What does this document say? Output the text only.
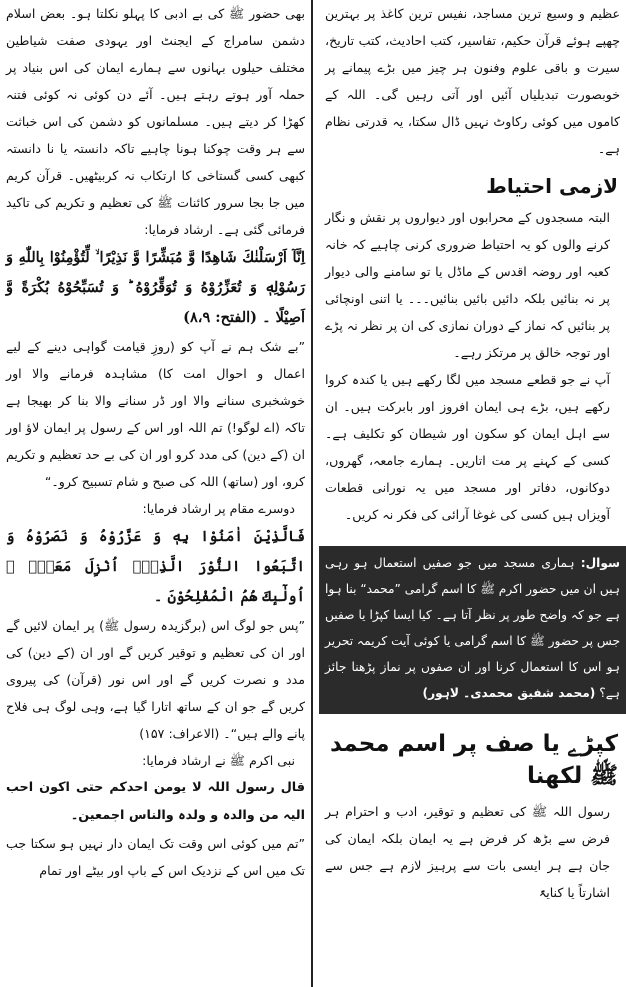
عظیم و وسیع ترین مساجد، نفیس ترین کاغذ پر بہترین چھپے ہوئے قرآن حکیم، تفاسیر، کتب احادیث، کتب تاریخ، سیرت و باقی علوم وفنون ہر چیز میں بڑے پیمانے پر خوبصورت تبدیلیاں آئیں اور آتی رہیں گی۔ اللہ کے کاموں میں کوئی رکاوٹ نہیں ڈال سکتا، یہ قدرتی نظام ہے۔

لازمی احتیاط

البتہ مسجدوں کے محرابوں اور دیواروں پر نقش و نگار کرنے والوں کو یہ احتیاط ضروری کرنی چاہیے کہ خانہ کعبہ اور روضہ اقدس کے ماڈل یا تو سامنے والی دیوار پر نہ بنائیں بلکہ دائیں بائیں بنائیں۔۔۔ یا اتنی اونچائی پر بنائیں کہ نماز کے دوران نمازی کی ان پر نظر نہ پڑے اور توجہ خالق پر مرتکز رہے۔

آپ نے جو قطعے مسجد میں لگا رکھے ہیں یا کندہ کروا رکھے ہیں، بڑے ہی ایمان افروز اور بابرکت ہیں۔ ان سے اہل ایمان کو سکون اور شیطان کو تکلیف ہے۔ کسی کے کہنے پر مت اتاریں۔ ہمارے جامعہ، گھروں، دوکانوں، دفاتر اور مسجد میں یہ نورانی قطعات آویزاں ہیں کسی کی غوغا آرائی کی فکر نہ کریں۔

سوال: ہماری مسجد میں جو صفیں استعمال ہو رہی ہیں ان میں حضور اکرم ﷺ کا اسم گرامی ”محمد“ بنا ہوا ہے جو کہ واضح طور پر نظر آتا ہے۔ کیا ایسا کپڑا یا صفیں جس پر حضور ﷺ کا اسم گرامی یا کوئی آیت کریمہ تحریر ہو اس کا استعمال کرنا اور ان صفوں پر نماز پڑھنا جائز ہے؟ (محمد شفیق محمدی۔ لاہور)

کپڑے یا صف پر اسم محمد ﷺ لکھنا

رسول اللہ ﷺ کی تعظیم و توقیر، ادب و احترام ہر فرض سے بڑھ کر فرض ہے یہ ایمان بلکہ ایمان کی جان ہے ہر ایسی بات سے پرہیز لازم ہے جس سے اشارتاً یا کنایۃً

بھی حضور ﷺ کی بے ادبی کا پہلو نکلتا ہو۔ بعض اسلام دشمن سامراج کے ایجنٹ اور یہودی صفت شیاطین مختلف حیلوں بہانوں سے ہمارے ایمان کی اس بنیاد پر حملہ آور ہوتے رہتے ہیں۔ آئے دن کوئی نہ کوئی فتنہ کھڑا کر دیتے ہیں۔ مسلمانوں کو دشمن کی اس خباثت سے ہر وقت چوکنا ہونا چاہیے تاکہ دانستہ یا نا دانستہ کبھی کسی گستاخی کا ارتکاب نہ کربیٹھیں۔ قرآن کریم میں جا بجا سرور کائنات ﷺ کی تعظیم و تکریم کی تاکید فرمائی گئی ہے۔ ارشاد فرمایا:

اِنَّآ اَرْسَلْنٰكَ شَاهِدًا وَّ مُبَشِّرًا وَّ نَذِیْرًا ۙ لِّتُؤْمِنُوْا بِاللّٰهِ وَ رَسُوْلِهٖ وَ تُعَزِّرُوْهُ وَ تُوَقِّرُوْهُ ؕ وَ تُسَبِّحُوْهُ بُكْرَةً وَّ اَصِیْلًا ۔ (الفتح: ۸،۹)

”بے شک ہم نے آپ کو (روزِ قیامت گواہی دینے کے لیے اعمال و احوال امت کا) مشاہدہ فرمانے والا اور خوشخبری سنانے والا اور ڈر سنانے والا بنا کر بھیجا ہے تاکہ (اے لوگو!) تم اللہ اور اس کے رسول پر ایمان لاؤ اور ان (کے دین) کی مدد کرو اور ان کی بے حد تعظیم و تکریم کرو، اور (ساتھ) اللہ کی صبح و شام تسبیح کرو۔“

دوسرے مقام پر ارشاد فرمایا:

فَالَّذِیْنَ اٰمَنُوْا بِهٖ وَ عَزَّرُوْهُ وَ نَصَرُوْهُ وَ اتَّبَعُوا النُّوْرَ الَّذِیْۤ اُنْزِلَ مَعَهٗۤ ۙ اُولٰٓىٕكَ هُمُ الْمُفْلِحُوْنَ ۔

”پس جو لوگ اس (برگزیدہ رسول ﷺ) پر ایمان لائیں گے اور ان کی تعظیم و توقیر کریں گے اور ان (کے دین) کی مدد و نصرت کریں گے اور اس نور (قرآن) کی پیروی کریں گے جو ان کے ساتھ اتارا گیا ہے، وہی لوگ ہی فلاح پانے والے ہیں“۔ (الاعراف: ۱۵۷)

نبی اکرم ﷺ نے ارشاد فرمایا:

قال رسول اللہ لا یومن احدکم حتی اکون احب الیہ من والدہ و ولدہ والناس اجمعین۔

”تم میں کوئی اس وقت تک ایمان دار نہیں ہو سکتا جب تک میں اس کے نزدیک اس کے باپ اور بیٹے اور تمام
